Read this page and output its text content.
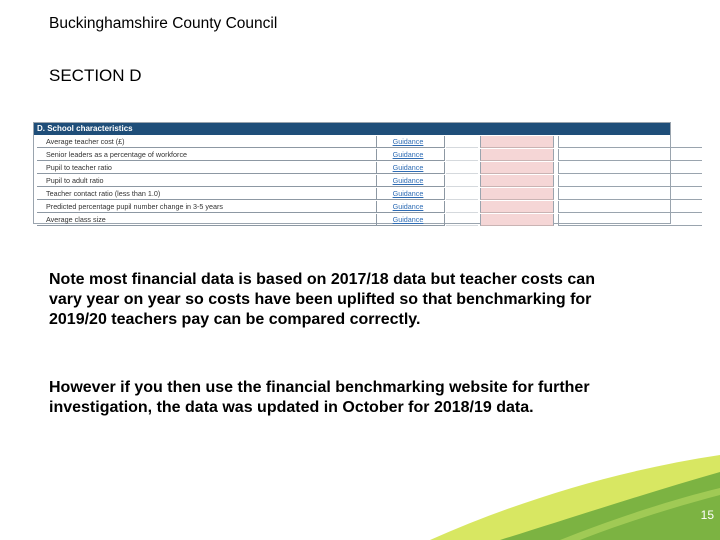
Buckinghamshire County Council
SECTION D
D. School characteristics
Average teacher cost (£)	Guidance
Senior leaders as a percentage of workforce	Guidance
Pupil to teacher ratio	Guidance
Pupil to adult ratio	Guidance
Teacher contact ratio (less than 1.0)	Guidance
Predicted percentage pupil number change in 3-5 years	Guidance
Average class size	Guidance
Note most financial data is based on 2017/18 data but teacher costs can vary year on year so costs have been uplifted so that benchmarking for 2019/20 teachers pay can be compared correctly.
However if you then use the financial benchmarking website for further investigation, the data was updated in October for 2018/19 data.
15
